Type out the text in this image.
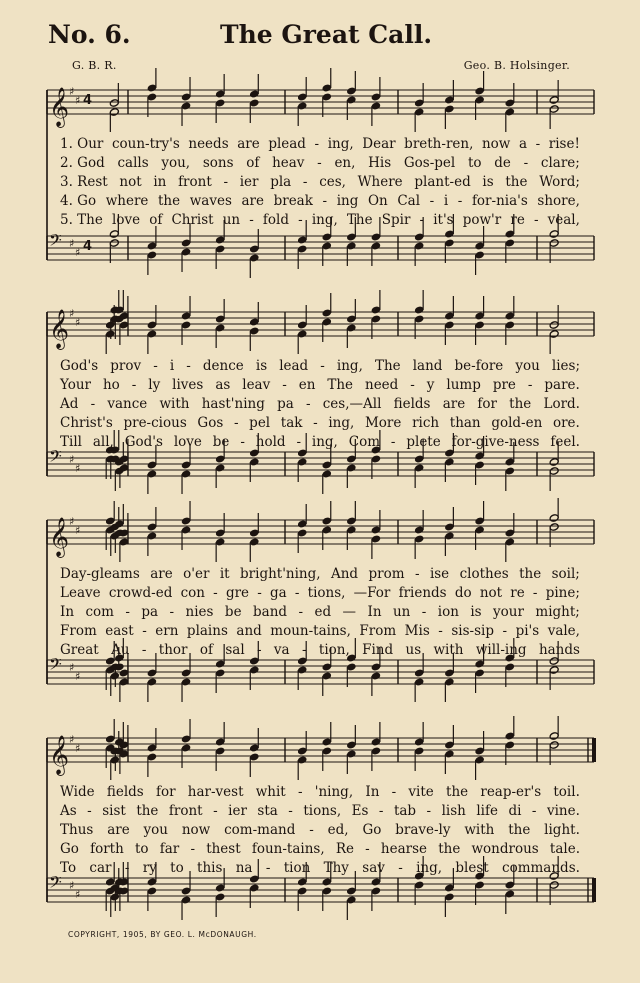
No. 6.	The Great Call.
G. B. R.	Geo. B. Holsinger.
𝄞 ♯
♯ 4
𝄢 ♯
♯ 4
𝄞 ♯
♯
𝄢 ♯
♯
𝄞 ♯
♯
𝄢 ♯
♯
𝄞 ♯
♯
𝄢 ♯
♯
COPYRIGHT, 1905, BY GEO. L. McDONAUGH.
1. Our coun-try's needs are plead - ing, Dear breth-ren, now a - rise!
2. God calls you, sons of heav - en, His Gos-pel to de - clare;
3. Rest not in front - ier pla - ces, Where plant-ed is the Word;
4. Go where the waves are break - ing On Cal - i - for-nia's shore,
5. The love of Christ un - fold - ing, The Spir - it's pow'r re - veal,
God's prov - i - dence is lead - ing, The land be-fore you lies;
Your ho - ly lives as leav - en The need - y lump pre - pare.
Ad - vance with hast'ning pa - ces,—All fields are for the Lord.
Christ's pre-cious Gos - pel tak - ing, More rich than gold-en ore.
Till all, God's love be - hold - ing, Com - plete for-give-ness feel.
Day-gleams are o'er it bright'ning, And prom - ise clothes the soil;
Leave crowd-ed con - gre - ga - tions, —For friends do not re - pine;
In com - pa - nies be band - ed — In un - ion is your might;
From east - ern plains and moun-tains, From Mis - sis-sip - pi's vale,
Great Au - thor of sal - va - tion, Find us with will-ing hands
Wide fields for har-vest whit - 'ning, In - vite the reap-er's toil.
As - sist the front - ier sta - tions, Es - tab - lish life di - vine.
Thus are you now com-mand - ed, Go brave-ly with the light.
Go forth to far - thest foun-tains, Re - hearse the wondrous tale.
To car - ry to this na - tion Thy sav - ing, blest commands.
